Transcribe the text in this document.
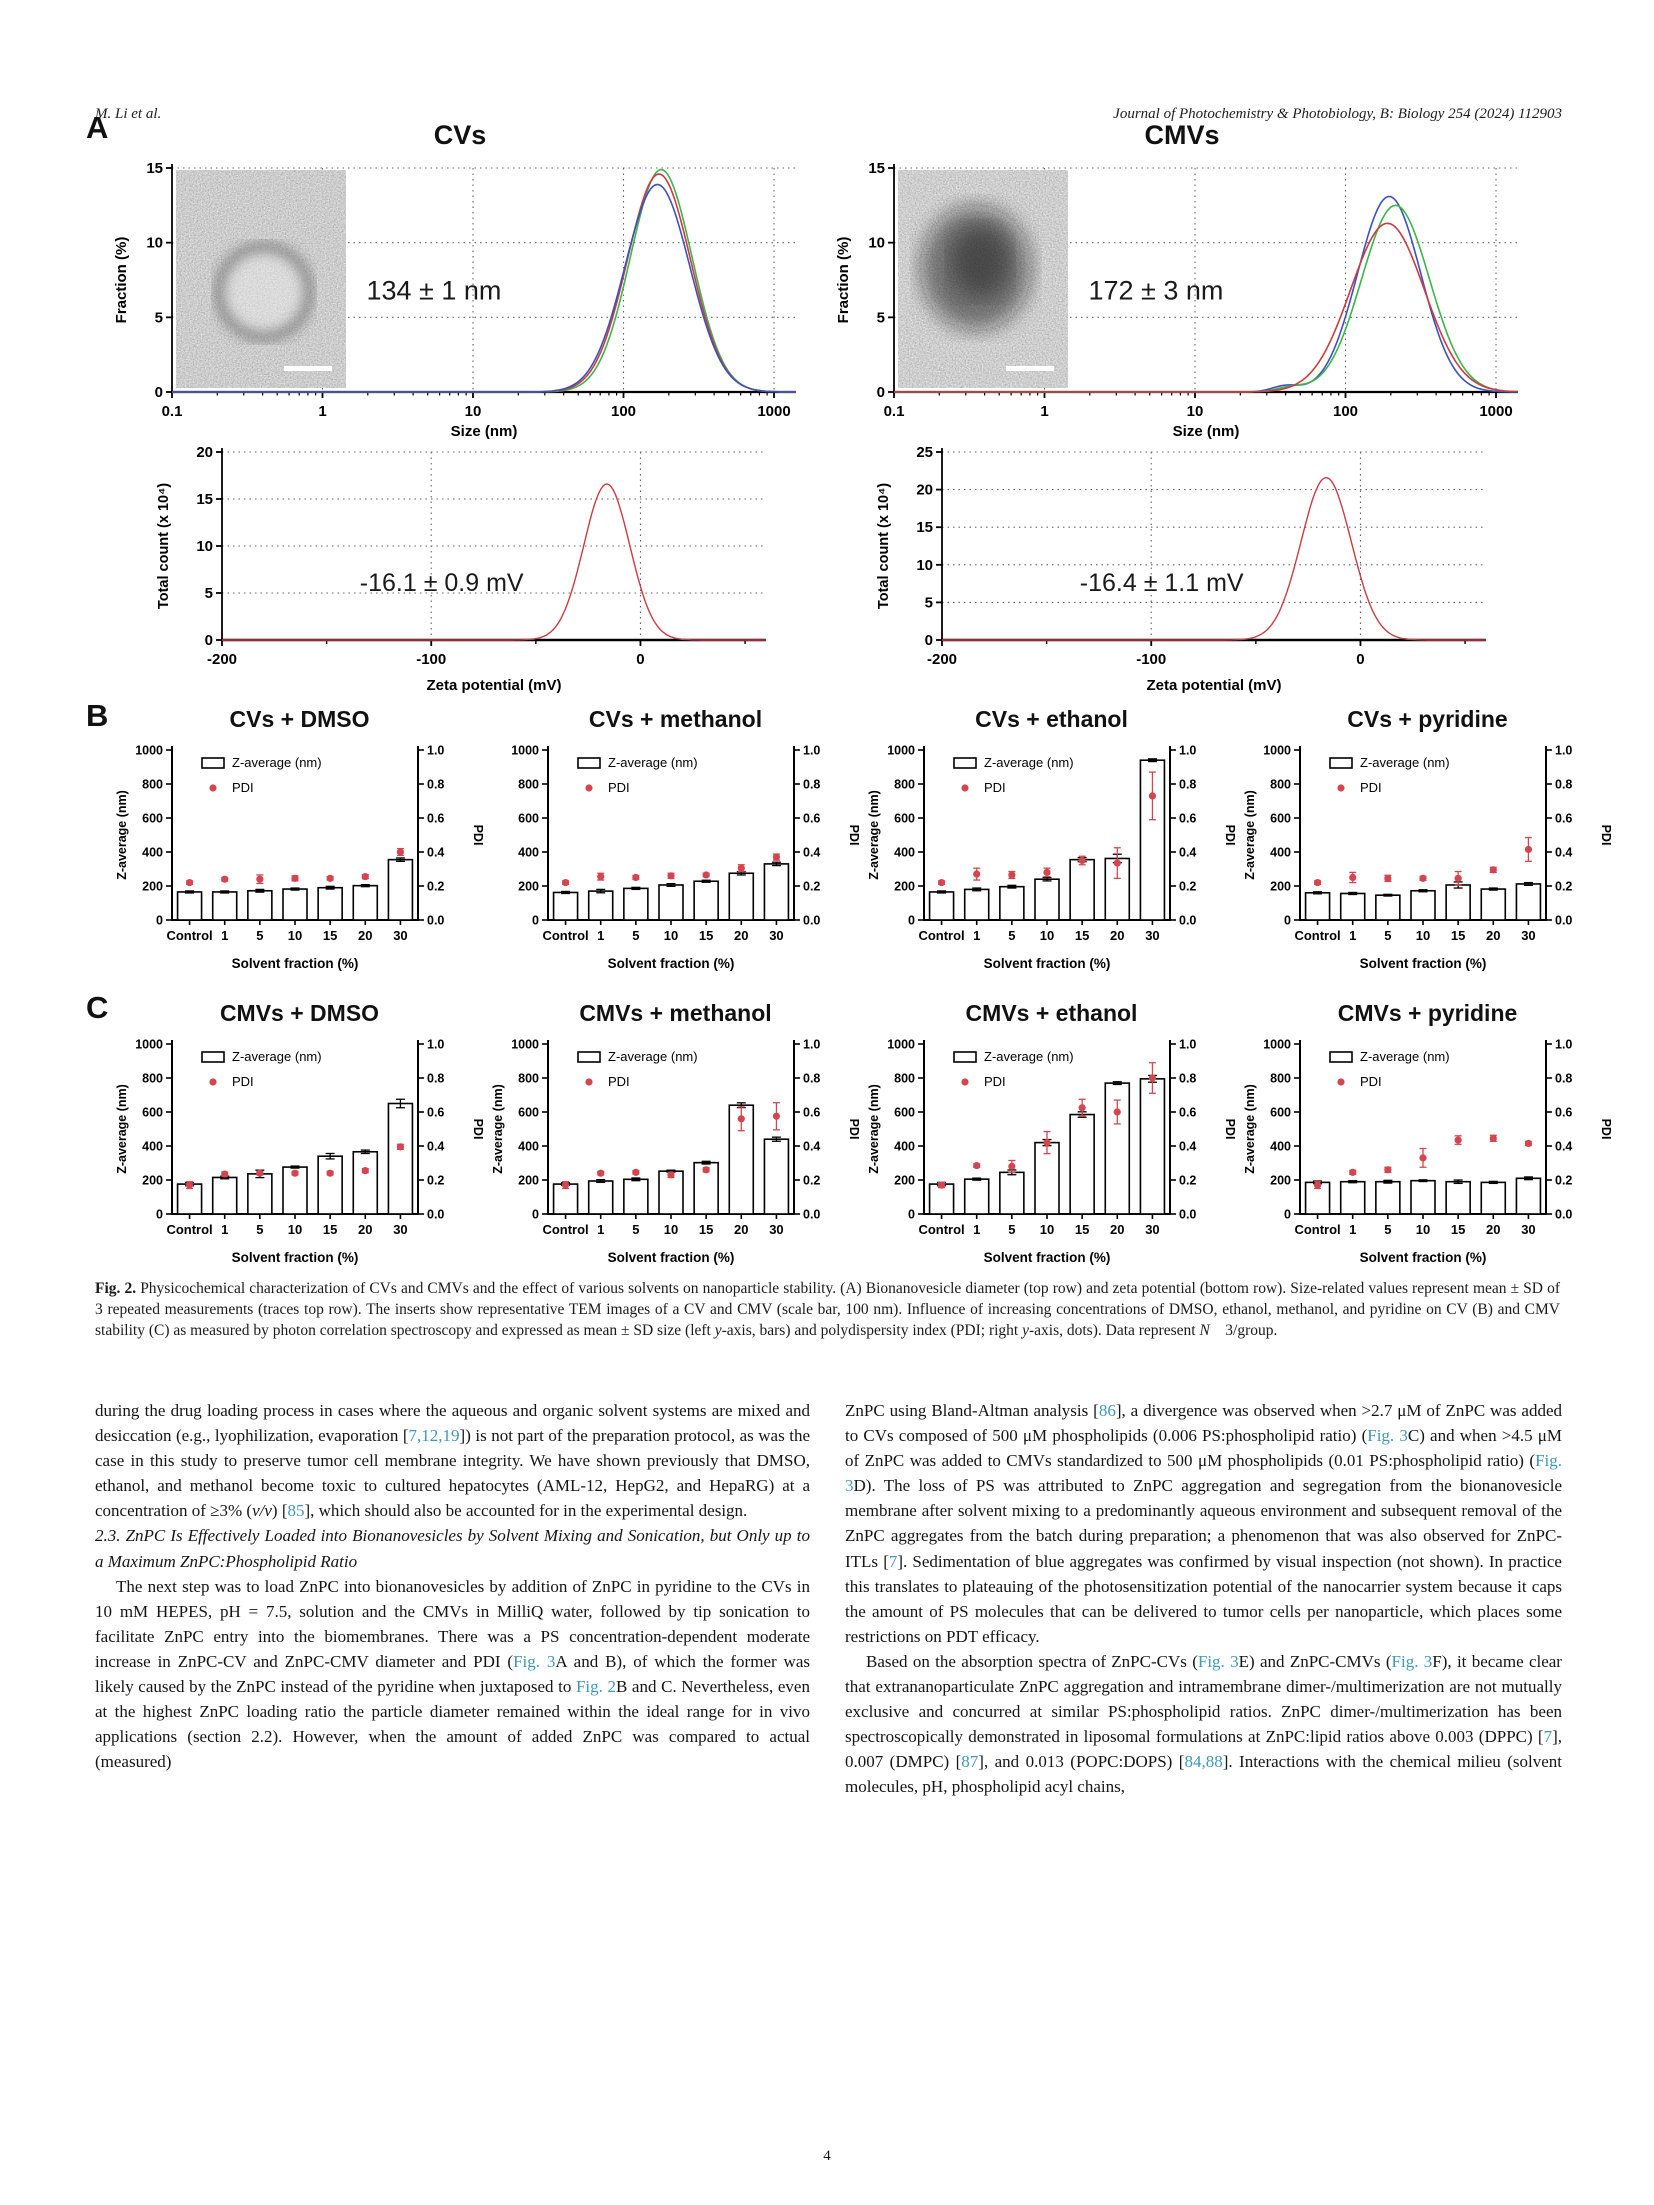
M. Li et al.	Journal of Photochemistry & Photobiology, B: Biology 254 (2024) 112903
A	CVs
0
5
10
15
0.1	1	10	100	1000
Fraction (%)
Size (nm)
134 ± 1 nm
CMVs
0
5
10
15
0.1	1	10	100	1000
Fraction (%)
Size (nm)
172 ± 3 nm
0
5
10
15
20
-200	-100	0
Total count (x 10⁴)
Zeta potential (mV)
-16.1 ± 0.9 mV
0
5
10
15
20
25
-200	-100	0
Total count (x 10⁴)
Zeta potential (mV)
-16.4 ± 1.1 mV
B	CVs + DMSO
0
200
400
600
800
1000
0.0
0.2
0.4
0.6
0.8
1.0
Control 1 5 10 15 20 30
Z-average (nm)
PDI
Solvent fraction (%)
Z-average (nm)	PDI
CVs + methanol
0
200
400
600
800
1000
0.0
0.2
0.4
0.6
0.8
1.0
Control 1 5 10 15 20 30
Z-average (nm)
PDI
Solvent fraction (%)
PDI
CVs + ethanol
0
200
400
600
800
1000
0.0
0.2
0.4
0.6
0.8
1.0
Control 1 5 10 15 20 30
Z-average (nm)
PDI
Solvent fraction (%)
Z-average (nm)	PDI
CVs + pyridine
0
200
400
600
800
1000
0.0
0.2
0.4
0.6
0.8
1.0
Control 1 5 10 15 20 30
Z-average (nm)
PDI
Solvent fraction (%)
Z-average (nm)	PDI
C	CMVs + DMSO
0
200
400
600
800
1000
0.0
0.2
0.4
0.6
0.8
1.0
Control 1 5 10 15 20 30
Z-average (nm)
PDI
Solvent fraction (%)
Z-average (nm)	PDI
CMVs + methanol
0
200
400
600
800
1000
0.0
0.2
0.4
0.6
0.8
1.0
Control 1 5 10 15 20 30
Z-average (nm)
PDI
Solvent fraction (%)
Z-average (nm)	PDI
CMVs + ethanol
0
200
400
600
800
1000
0.0
0.2
0.4
0.6
0.8
1.0
Control 1 5 10 15 20 30
Z-average (nm)
PDI
Solvent fraction (%)
Z-average (nm)	PDI
CMVs + pyridine
0
200
400
600
800
1000
0.0
0.2
0.4
0.6
0.8
1.0
Control 1 5 10 15 20 30
Z-average (nm)
PDI
Solvent fraction (%)
Z-average (nm)	PDI
Fig. 2. Physicochemical characterization of CVs and CMVs and the effect of various solvents on nanoparticle stability. (A) Bionanovesicle diameter (top row) and zeta potential (bottom row). Size-related values represent mean ± SD of 3 repeated measurements (traces top row). The inserts show representative TEM images of a CV and CMV (scale bar, 100 nm). Influence of increasing concentrations of DMSO, ethanol, methanol, and pyridine on CV (B) and CMV stability (C) as measured by photon correlation spectroscopy and expressed as mean ± SD size (left y-axis, bars) and polydispersity index (PDI; right y-axis, dots). Data represent N    3/group.

during the drug loading process in cases where the aqueous and organic solvent systems are mixed and desiccation (e.g., lyophilization, evaporation [7,12,19]) is not part of the preparation protocol, as was the case in this study to preserve tumor cell membrane integrity. We have shown previously that DMSO, ethanol, and methanol become toxic to cultured hepatocytes (AML-12, HepG2, and HepaRG) at a concentration of ≥3% (v/v) [85], which should also be accounted for in the experimental design.

2.3. ZnPC Is Effectively Loaded into Bionanovesicles by Solvent Mixing and Sonication, but Only up to a Maximum ZnPC:Phospholipid Ratio

The next step was to load ZnPC into bionanovesicles by addition of ZnPC in pyridine to the CVs in 10 mM HEPES, pH = 7.5, solution and the CMVs in MilliQ water, followed by tip sonication to facilitate ZnPC entry into the biomembranes. There was a PS concentration-dependent moderate increase in ZnPC-CV and ZnPC-CMV diameter and PDI (Fig. 3A and B), of which the former was likely caused by the ZnPC instead of the pyridine when juxtaposed to Fig. 2B and C. Nevertheless, even at the highest ZnPC loading ratio the particle diameter remained within the ideal range for in vivo applications (section 2.2). However, when the amount of added ZnPC was compared to actual (measured)

ZnPC using Bland-Altman analysis [86], a divergence was observed when >2.7 μM of ZnPC was added to CVs composed of 500 μM phospholipids (0.006 PS:phospholipid ratio) (Fig. 3C) and when >4.5 μM of ZnPC was added to CMVs standardized to 500 μM phospholipids (0.01 PS:phospholipid ratio) (Fig. 3D). The loss of PS was attributed to ZnPC aggregation and segregation from the bionanovesicle membrane after solvent mixing to a predominantly aqueous environment and subsequent removal of the ZnPC aggregates from the batch during preparation; a phenomenon that was also observed for ZnPC-ITLs [7]. Sedimentation of blue aggregates was confirmed by visual inspection (not shown). In practice this translates to plateauing of the photosensitization potential of the nanocarrier system because it caps the amount of PS molecules that can be delivered to tumor cells per nanoparticle, which places some restrictions on PDT efficacy.

Based on the absorption spectra of ZnPC-CVs (Fig. 3E) and ZnPC-CMVs (Fig. 3F), it became clear that extrananoparticulate ZnPC aggregation and intramembrane dimer-/multimerization are not mutually exclusive and concurred at similar PS:phospholipid ratios. ZnPC dimer-/multimerization has been spectroscopically demonstrated in liposomal formulations at ZnPC:lipid ratios above 0.003 (DPPC) [7], 0.007 (DMPC) [87], and 0.013 (POPC:DOPS) [84,88]. Interactions with the chemical milieu (solvent molecules, pH, phospholipid acyl chains,

4
